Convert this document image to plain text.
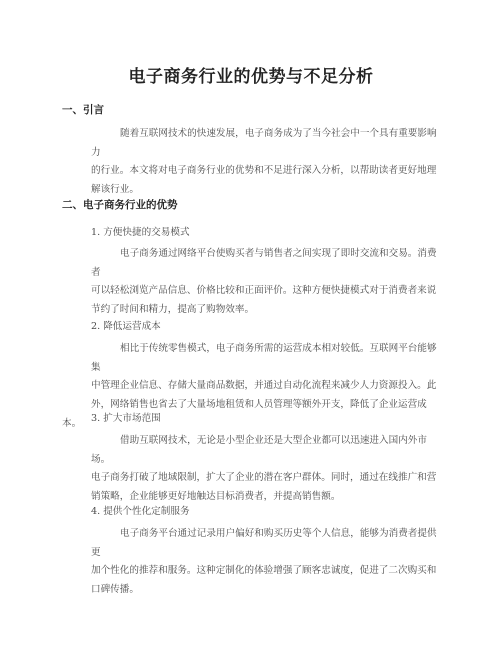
电子商务行业的优势与不足分析
一、引言
随着互联网技术的快速发展，电子商务成为了当今社会中一个具有重要影响力
的行业。本文将对电子商务行业的优势和不足进行深入分析，以帮助读者更好地理
解该行业。
二、电子商务行业的优势
1. 方便快捷的交易模式
电子商务通过网络平台使购买者与销售者之间实现了即时交流和交易。消费者
可以轻松浏览产品信息、价格比较和正面评价。这种方便快捷模式对于消费者来说
节约了时间和精力，提高了购物效率。
2. 降低运营成本
相比于传统零售模式，电子商务所需的运营成本相对较低。互联网平台能够集
中管理企业信息、存储大量商品数据，并通过自动化流程来减少人力资源投入。此
外，网络销售也省去了大量场地租赁和人员管理等额外开支，降低了企业运营成本。	3. 扩大市场范围
借助互联网技术，无论是小型企业还是大型企业都可以迅速进入国内外市场。
电子商务打破了地域限制，扩大了企业的潜在客户群体。同时，通过在线推广和营
销策略，企业能够更好地触达目标消费者，并提高销售额。
4. 提供个性化定制服务
电子商务平台通过记录用户偏好和购买历史等个人信息，能够为消费者提供更
加个性化的推荐和服务。这种定制化的体验增强了顾客忠诚度，促进了二次购买和
口碑传播。
